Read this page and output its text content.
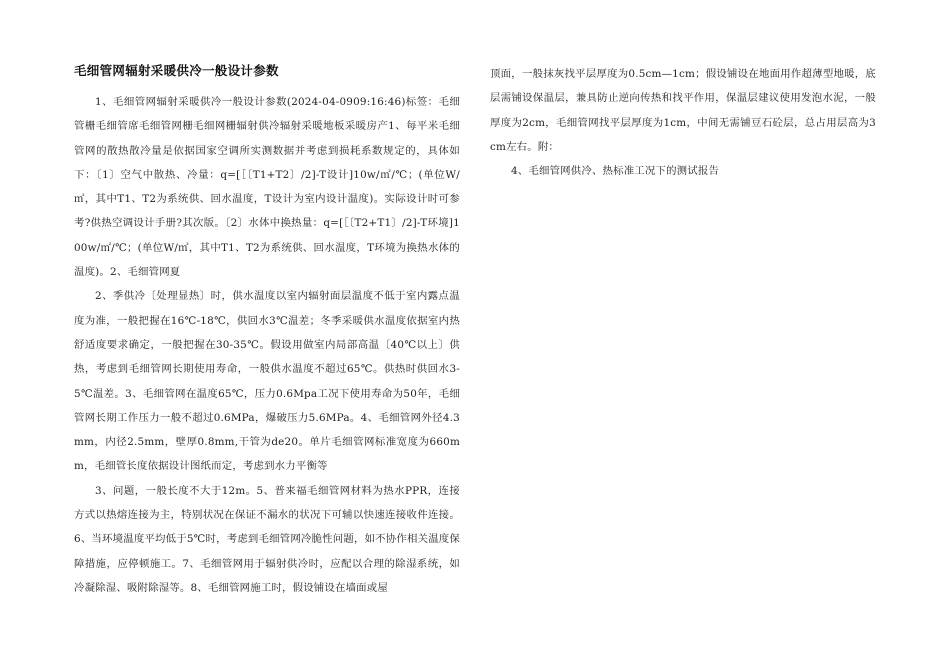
毛细管网辐射采暖供冷一般设计参数

1、毛细管网辐射采暖供冷一般设计参数(2024-04-0909:16:46)标签：毛细管栅毛细管席毛细管网栅毛细网栅辐射供冷辐射采暖地板采暖房产1、每平米毛细管网的散热散冷量是依据国家空调所实测数据并考虑到损耗系数规定的，具体如下：〔1〕空气中散热、冷量：q=[［〔T1+T2〕/2]-T设计]10w/㎡/℃；(单位W/㎡，其中T1、T2为系统供、回水温度，T设计为室内设计温度)。实际设计时可参考?供热空调设计手册?其次版。〔2〕水体中换热量：q=[［〔T2+T1〕/2]-T环境]100w/㎡/℃；(单位W/㎡，其中T1、T2为系统供、回水温度，T环境为换热水体的温度)。2、毛细管网夏

2、季供冷〔处理显热〕时，供水温度以室内辐射面层温度不低于室内露点温度为准，一般把握在16℃-18℃，供回水3℃温差；冬季采暖供水温度依据室内热舒适度要求确定，一般把握在30-35℃。假设用做室内局部高温〔40℃以上〕供热，考虑到毛细管网长期使用寿命，一般供水温度不超过65℃。供热时供回水3-5℃温差。3、毛细管网在温度65℃，压力0.6Mpa工况下使用寿命为50年，毛细管网长期工作压力一般不超过0.6MPa，爆破压力5.6MPa。4、毛细管网外径4.3mm，内径2.5mm，壁厚0.8mm,干管为de20。单片毛细管网标准宽度为660mm，毛细管长度依据设计图纸而定，考虑到水力平衡等

3、问题，一般长度不大于12m。5、普来福毛细管网材料为热水PPR，连接方式以热熔连接为主，特别状况在保证不漏水的状况下可辅以快速连接收件连接。6、当环境温度平均低于5℃时，考虑到毛细管网冷脆性问题，如不协作相关温度保障措施，应停顿施工。7、毛细管网用于辐射供冷时，应配以合理的除湿系统，如冷凝除湿、吸附除湿等。8、毛细管网施工时，假设铺设在墙面或屋

顶面，一般抹灰找平层厚度为0.5cm—1cm；假设铺设在地面用作超薄型地暖，底层需铺设保温层，兼具防止逆向传热和找平作用，保温层建议使用发泡水泥，一般厚度为2cm，毛细管网找平层厚度为1cm，中间无需铺豆石砼层，总占用层高为3cm左右。附：

4、毛细管网供冷、热标准工况下的测试报告
